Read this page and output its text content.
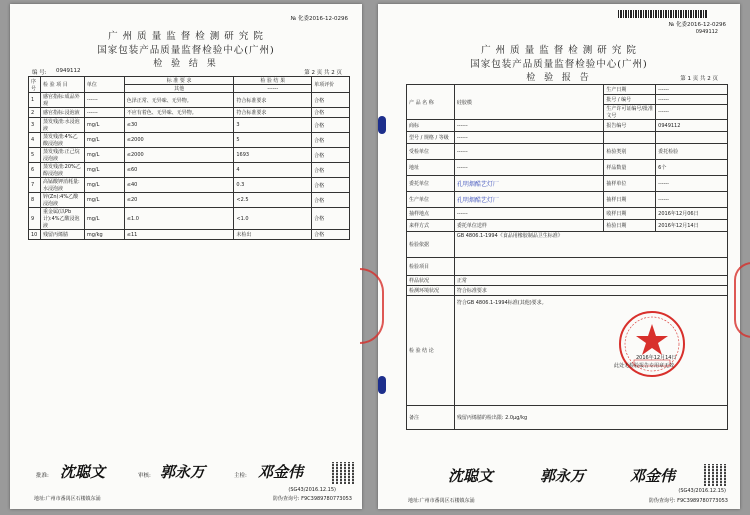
№ 化委2016-12-0296
广 州 质 量 监 督 检 测 研 究 院
国家包装产品质量监督检验中心(广州)
检 验 结 果
编 号: 0949112	第 2 页 共 2 页
序号	检 验 项 目	单位	标 准 要 求	检 验 结 果	单项评价
			其他	------	
1	感官指标:成品外观	------	色泽正常、无异味、无异物。	符合标准要求	合格
2	感官指标:浸泡液	------	不应有着色、无异味、无异物。	符合标准要求	合格
3	蒸发残渣:水浸泡液	mg/L	≤30	3	合格
4	蒸发残渣:4%乙酸浸泡液	mg/L	≤2000	5	合格
5	蒸发残渣:正己烷浸泡液	mg/L	≤2000	1693	合格
6	蒸发残渣:20%乙醇浸泡液	mg/L	≤60	4	合格
7	高锰酸钾消耗量:水浸泡液	mg/L	≤40	0.3	合格
8	锌(Zn):4%乙酸浸泡液	mg/L	≤20	<2.5	合格
9	重金属(以Pb计):4%乙酸浸泡液	mg/L	≤1.0	<1.0	合格
10	残留丙烯腈	mg/kg	≤11	未检出	合格
批准: 沈聪文	审核: 郭永万	主检: 邓金伟
(SG43/2016.12.15)
地址:广州市番禺区石楼镇东涌	防伪查询号: F9C3989780773053
№ 化委2016-12-0296
0949112
广 州 质 量 监 督 检 测 研 究 院
国家包装产品质量监督检验中心(广州)
检 验 报 告	第 1 页 共 2 页
产 品 名 称	硅胶模	生产日期	------
		批号 / 编号	------
		生产许可证编号/批准文号	------
商标	------	报告编号	0949112
型号 / 规格 / 等级	------		
受检单位	------	检验类别	委托检验
地址	------	样品数量	6个
委托单位	孔明烟酷艺灯厂	抽样单位	------
生产单位	孔明烟酷艺灯厂	抽样日期	------
抽样地点	------	收样日期	2016年12月06日
来样方式	委托单位送样	检验日期	2016年12月14日
检验依据	GB 4806.1-1994《食品用橡胶制品卫生标准》		
检验项目			
样品状况	正常		
检测环境状况	符合标准要求		
检 验 结 论	符合GB 4806.1-1994标准(其他)要求。		
备注	残留丙烯腈的检出限: 2.0μg/kg		
2016年12月14日
此处无检验报告专用章无效
沈聪文	郭永万	邓金伟
(SG43/2016.12.15)
地址:广州市番禺区石楼镇东涌	防伪查询号: F9C3989780773053
